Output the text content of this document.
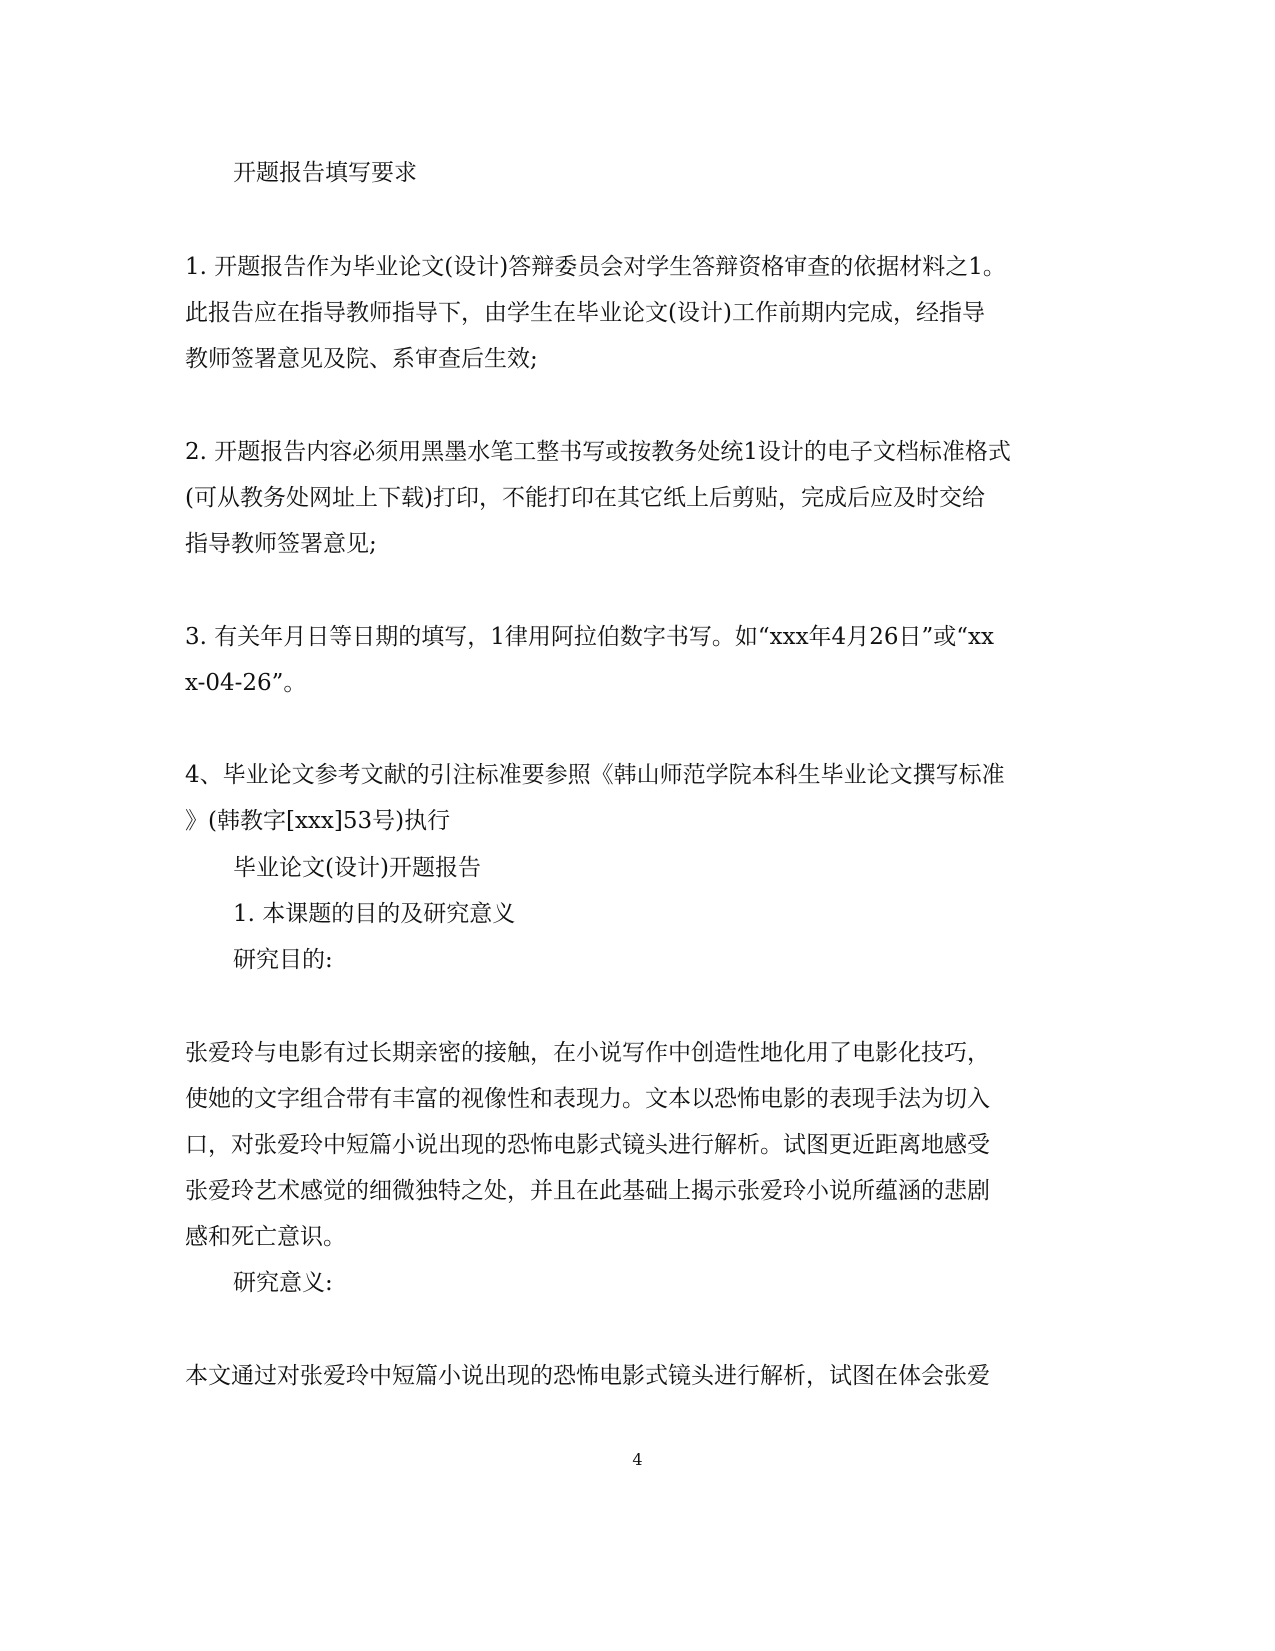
开题报告填写要求
1. 开题报告作为毕业论文(设计)答辩委员会对学生答辩资格审查的依据材料之1。
此报告应在指导教师指导下，由学生在毕业论文(设计)工作前期内完成，经指导
教师签署意见及院、系审查后生效;
2. 开题报告内容必须用黑墨水笔工整书写或按教务处统1设计的电子文档标准格式
(可从教务处网址上下载)打印，不能打印在其它纸上后剪贴，完成后应及时交给
指导教师签署意见;
3. 有关年月日等日期的填写，1律用阿拉伯数字书写。如“xxx年4月26日”或“xx
x-04-26”。
4、毕业论文参考文献的引注标准要参照《韩山师范学院本科生毕业论文撰写标准
》(韩教字[xxx]53号)执行
毕业论文(设计)开题报告
1. 本课题的目的及研究意义
研究目的:
张爱玲与电影有过长期亲密的接触，在小说写作中创造性地化用了电影化技巧，
使她的文字组合带有丰富的视像性和表现力。文本以恐怖电影的表现手法为切入
口，对张爱玲中短篇小说出现的恐怖电影式镜头进行解析。试图更近距离地感受
张爱玲艺术感觉的细微独特之处，并且在此基础上揭示张爱玲小说所蕴涵的悲剧
感和死亡意识。
研究意义:
本文通过对张爱玲中短篇小说出现的恐怖电影式镜头进行解析，试图在体会张爱
4
